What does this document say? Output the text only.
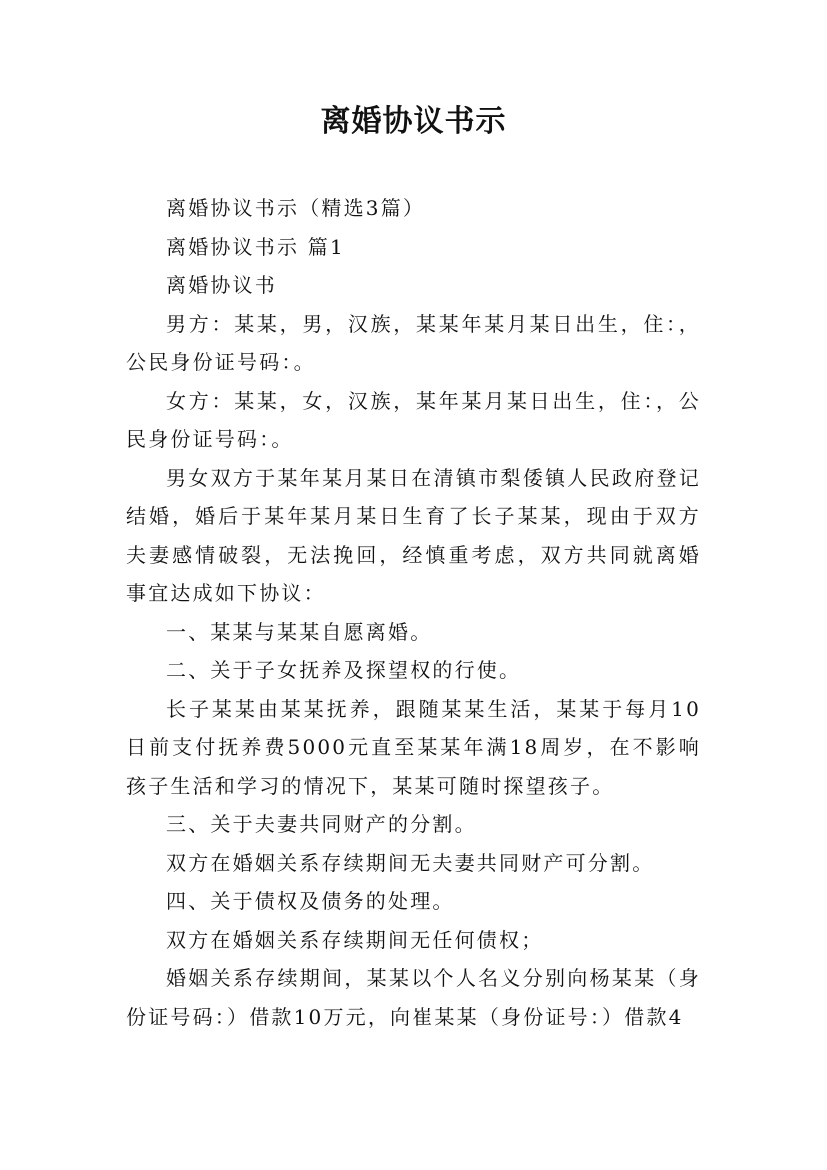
离婚协议书示

离婚协议书示（精选3篇）

离婚协议书示 篇1

离婚协议书

男方：某某，男，汉族，某某年某月某日出生，住：，公民身份证号码：。

女方：某某，女，汉族，某年某月某日出生，住：，公民身份证号码：。

男女双方于某年某月某日在清镇市梨倭镇人民政府登记结婚，婚后于某年某月某日生育了长子某某，现由于双方夫妻感情破裂，无法挽回，经慎重考虑，双方共同就离婚事宜达成如下协议：

一、某某与某某自愿离婚。

二、关于子女抚养及探望权的行使。

长子某某由某某抚养，跟随某某生活，某某于每月10日前支付抚养费5000元直至某某年满18周岁，在不影响孩子生活和学习的情况下，某某可随时探望孩子。

三、关于夫妻共同财产的分割。

双方在婚姻关系存续期间无夫妻共同财产可分割。

四、关于债权及债务的处理。

双方在婚姻关系存续期间无任何债权；

婚姻关系存续期间，某某以个人名义分别向杨某某（身份证号码：）借款10万元，向崔某某（身份证号：）借款4
